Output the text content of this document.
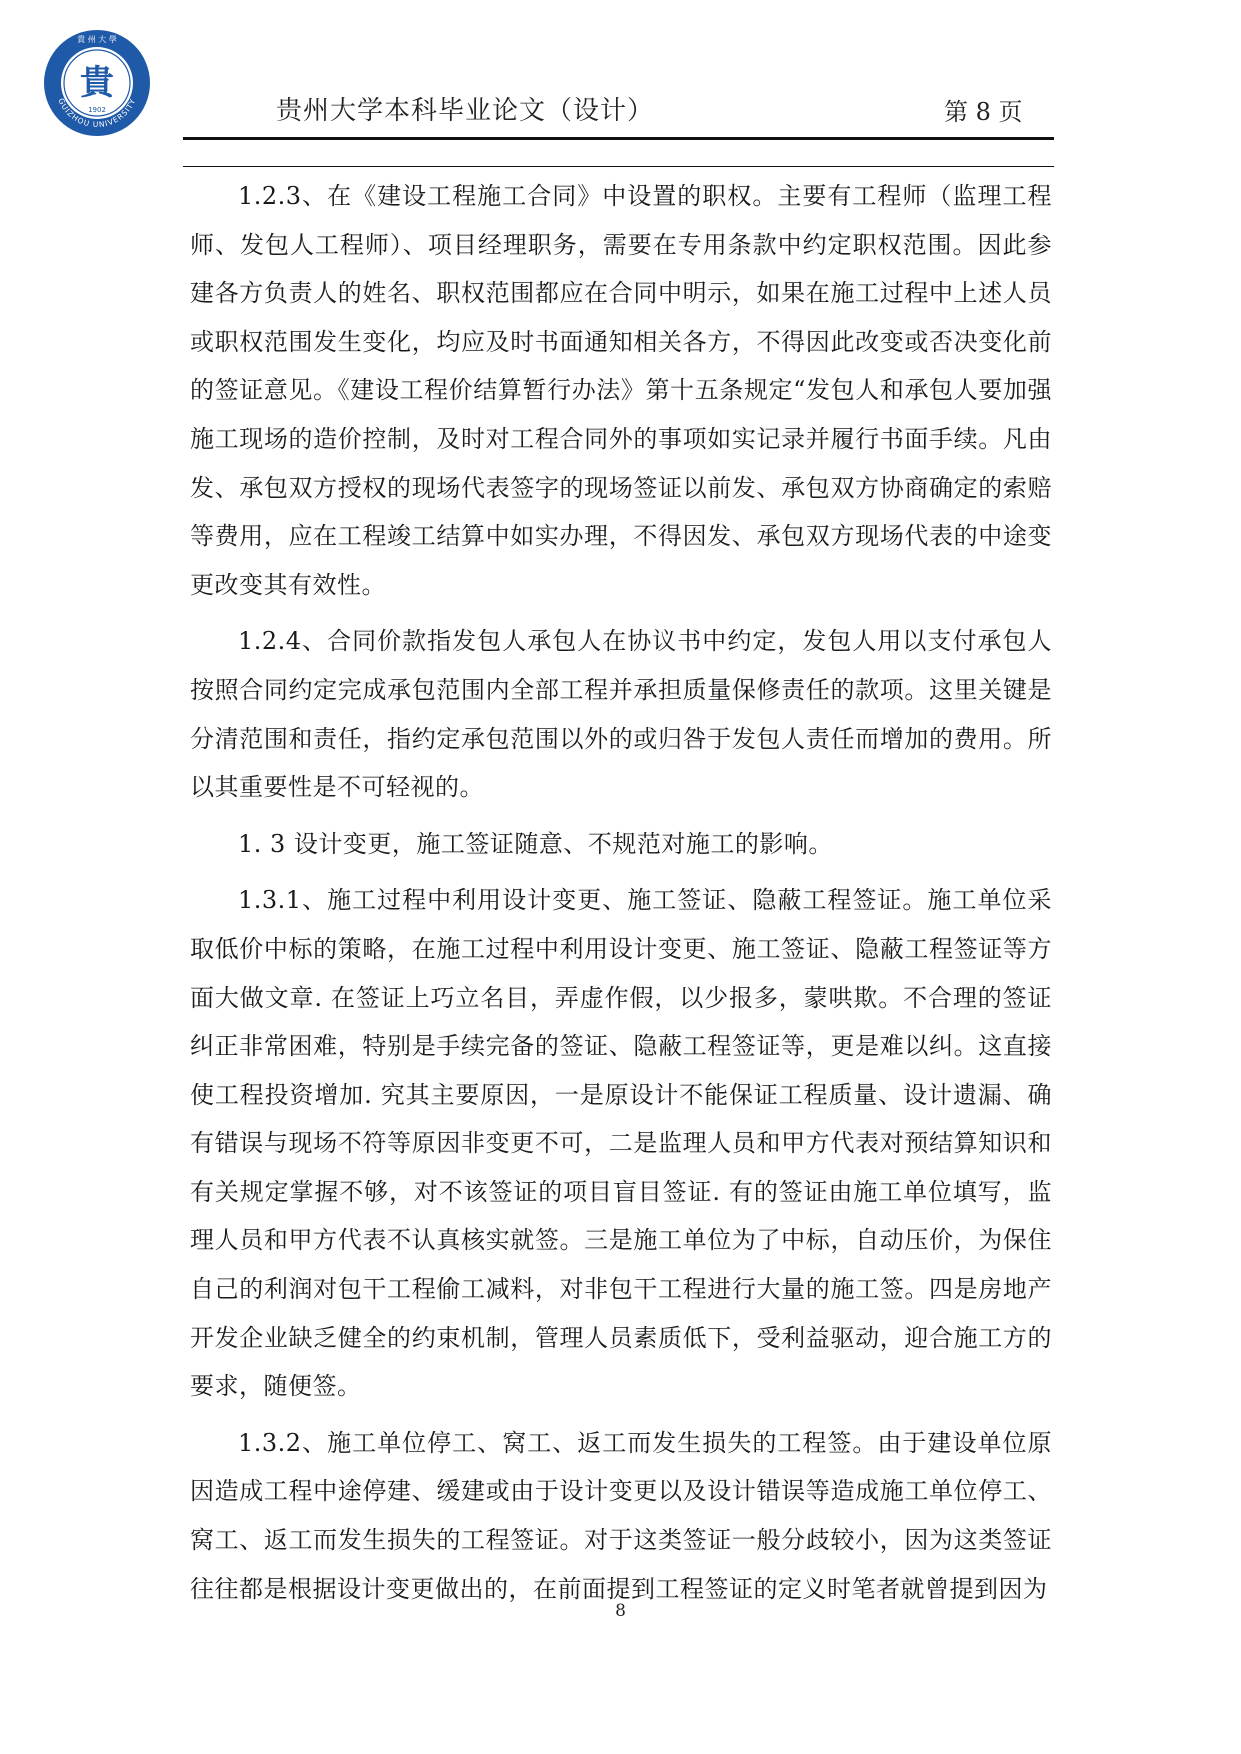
貴
1902
貴 州 大 學
GUIZHOU UNIVERSITY	贵州大学本科毕业论文（设计）	第 8 页

1.2.3、在《建设工程施工合同》中设置的职权。主要有工程师（监理工程师、发包人工程师）、项目经理职务，需要在专用条款中约定职权范围。因此参建各方负责人的姓名、职权范围都应在合同中明示，如果在施工过程中上述人员或职权范围发生变化，均应及时书面通知相关各方，不得因此改变或否决变化前的签证意见。《建设工程价结算暂行办法》第十五条规定“发包人和承包人要加强施工现场的造价控制，及时对工程合同外的事项如实记录并履行书面手续。凡由发、承包双方授权的现场代表签字的现场签证以前发、承包双方协商确定的索赔等费用，应在工程竣工结算中如实办理，不得因发、承包双方现场代表的中途变更改变其有效性。

1.2.4、合同价款指发包人承包人在协议书中约定，发包人用以支付承包人按照合同约定完成承包范围内全部工程并承担质量保修责任的款项。这里关键是分清范围和责任，指约定承包范围以外的或归咎于发包人责任而增加的费用。所以其重要性是不可轻视的。

1. 3 设计变更，施工签证随意、不规范对施工的影响。

1.3.1、施工过程中利用设计变更、施工签证、隐蔽工程签证。施工单位采取低价中标的策略，在施工过程中利用设计变更、施工签证、隐蔽工程签证等方面大做文章. 在签证上巧立名目，弄虚作假，以少报多，蒙哄欺。不合理的签证纠正非常困难，特别是手续完备的签证、隐蔽工程签证等，更是难以纠。这直接使工程投资增加. 究其主要原因，一是原设计不能保证工程质量、设计遗漏、确有错误与现场不符等原因非变更不可，二是监理人员和甲方代表对预结算知识和有关规定掌握不够，对不该签证的项目盲目签证. 有的签证由施工单位填写，监理人员和甲方代表不认真核实就签。三是施工单位为了中标，自动压价，为保住自己的利润对包干工程偷工减料，对非包干工程进行大量的施工签。四是房地产开发企业缺乏健全的约束机制，管理人员素质低下，受利益驱动，迎合施工方的要求，随便签。

1.3.2、施工单位停工、窝工、返工而发生损失的工程签。由于建设单位原因造成工程中途停建、缓建或由于设计变更以及设计错误等造成施工单位停工、窝工、返工而发生损失的工程签证。对于这类签证一般分歧较小，因为这类签证往往都是根据设计变更做出的，在前面提到工程签证的定义时笔者就曾提到因为

8
